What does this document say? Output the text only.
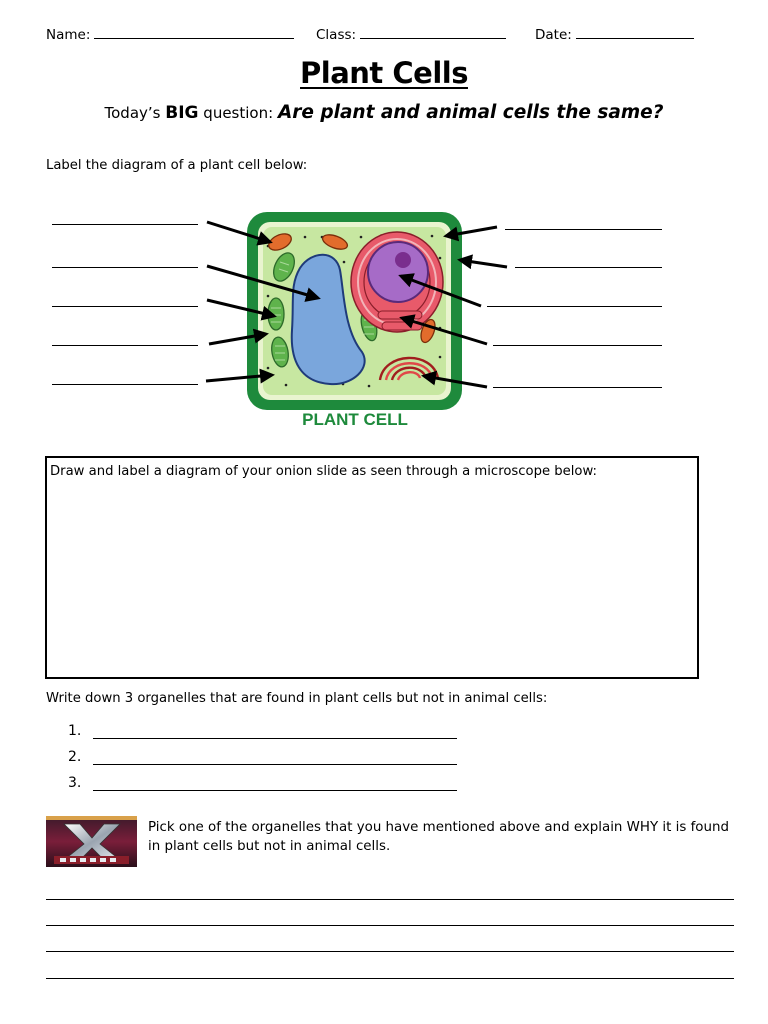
Name:	Class:	Date:
Plant Cells
Today’s BIG question: Are plant and animal cells the same?
Label the diagram of a plant cell below:
PLANT CELL
Draw and label a diagram of your onion slide as seen through a microscope below:
Write down 3 organelles that are found in plant cells but not in animal cells:
1.
2.
3.
Pick one of the organelles that you have mentioned above and explain WHY it is found in plant cells but not in animal cells.
